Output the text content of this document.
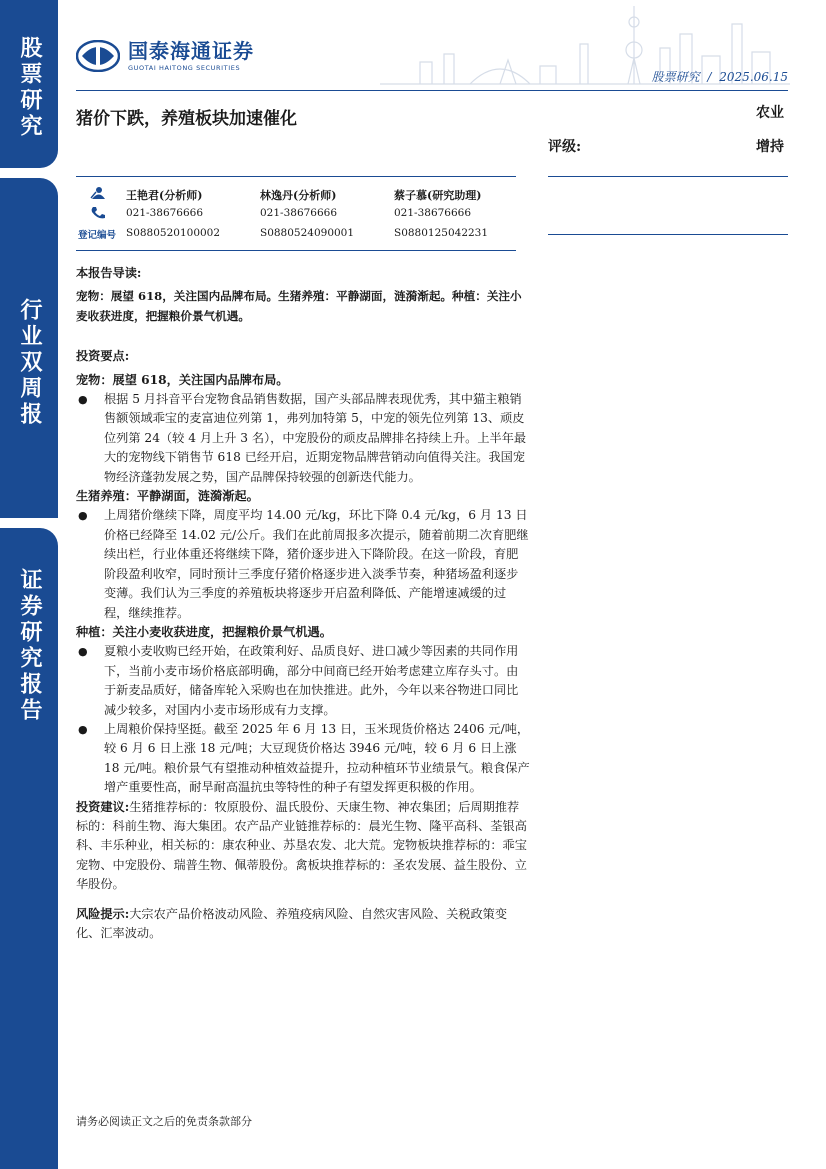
股票研究
行业双周报
证券研究报告
国泰海通证券
GUOTAI HAITONG SECURITIES
股票研究 / 2025.06.15
猪价下跌，养殖板块加速催化	农业
评级:	增持
王艳君(分析师)	林逸丹(分析师)	蔡子慕(研究助理)
021-38676666	021-38676666	021-38676666
登记编号 S0880520100002	S0880524090001	S0880125042231

本报告导读:

宠物：展望 618，关注国内品牌布局。生猪养殖：平静湖面，涟漪渐起。种植：关注小麦收获进度，把握粮价景气机遇。

投资要点:

宠物：展望 618，关注国内品牌布局。

● 根据 5 月抖音平台宠物食品销售数据，国产头部品牌表现优秀，其中猫主粮销售额领域乖宝的麦富迪位列第 1，弗列加特第 5，中宠的领先位列第 13、顽皮位列第 24（较 4 月上升 3 名），中宠股份的顽皮品牌排名持续上升。上半年最大的宠物线下销售节 618 已经开启，近期宠物品牌营销动向值得关注。我国宠物经济蓬勃发展之势，国产品牌保持较强的创新迭代能力。

生猪养殖：平静湖面，涟漪渐起。

● 上周猪价继续下降，周度平均 14.00 元/kg，环比下降 0.4 元/kg，6 月 13 日价格已经降至 14.02 元/公斤。我们在此前周报多次提示，随着前期二次育肥继续出栏，行业体重还将继续下降，猪价逐步进入下降阶段。在这一阶段，育肥阶段盈利收窄，同时预计三季度仔猪价格逐步进入淡季节奏，种猪场盈利逐步变薄。我们认为三季度的养殖板块将逐步开启盈利降低、产能增速减缓的过程，继续推荐。

种植：关注小麦收获进度，把握粮价景气机遇。

● 夏粮小麦收购已经开始，在政策利好、品质良好、进口减少等因素的共同作用下，当前小麦市场价格底部明确，部分中间商已经开始考虑建立库存头寸。由于新麦品质好，储备库轮入采购也在加快推进。此外，今年以来谷物进口同比减少较多，对国内小麦市场形成有力支撑。

● 上周粮价保持坚挺。截至 2025 年 6 月 13 日，玉米现货价格达 2406 元/吨，较 6 月 6 日上涨 18 元/吨；大豆现货价格达 3946 元/吨，较 6 月 6 日上涨 18 元/吨。粮价景气有望推动种植效益提升，拉动种植环节业绩景气。粮食保产增产重要性高，耐旱耐高温抗虫等特性的种子有望发挥更积极的作用。

投资建议:生猪推荐标的：牧原股份、温氏股份、天康生物、神农集团；后周期推荐标的：科前生物、海大集团。农产品产业链推荐标的：晨光生物、隆平高科、荃银高科、丰乐种业，相关标的：康农种业、苏垦农发、北大荒。宠物板块推荐标的：乖宝宠物、中宠股份、瑞普生物、佩蒂股份。禽板块推荐标的：圣农发展、益生股份、立华股份。

风险提示:大宗农产品价格波动风险、养殖疫病风险、自然灾害风险、关税政策变化、汇率波动。

请务必阅读正文之后的免责条款部分
